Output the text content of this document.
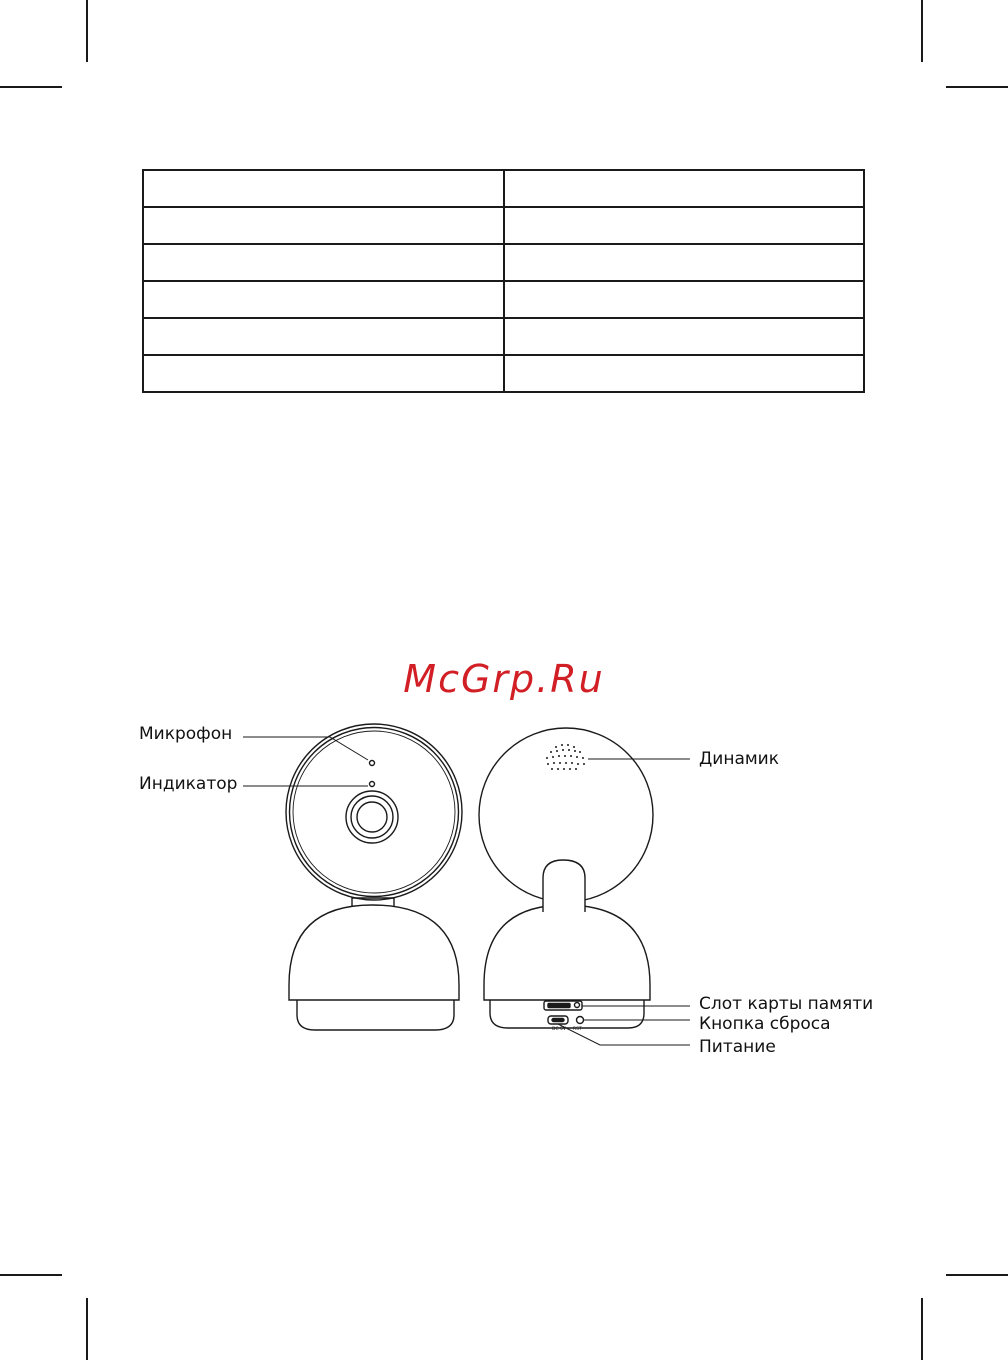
McGrp.Ru
DC 5V RST
Микрофон
Индикатор
Динамик
Слот карты памяти
Кнопка сброса
Питание
